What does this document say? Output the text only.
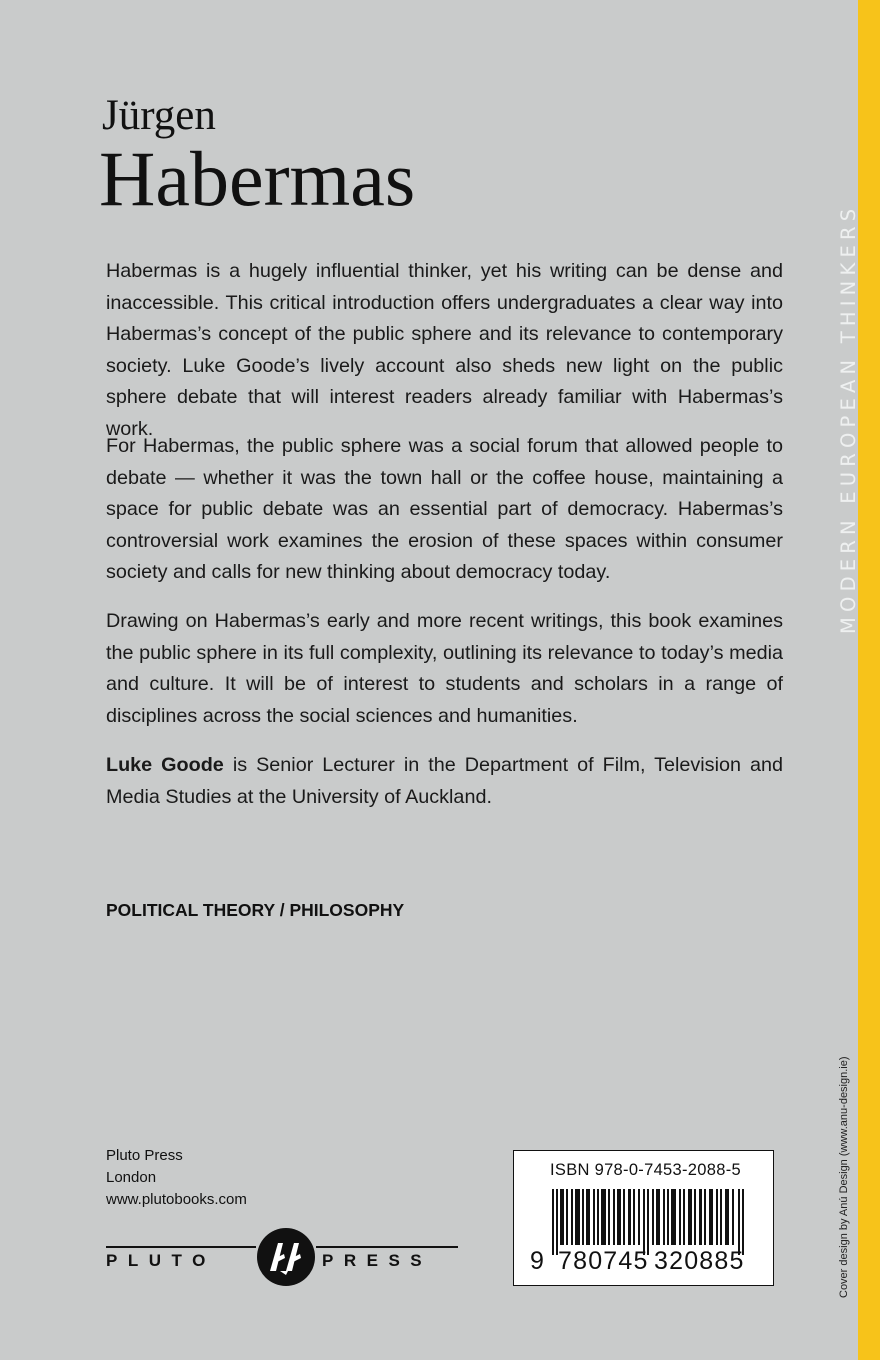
MODERN EUROPEAN THINKERS
Cover design by Anú Design (www.anu-design.ie)
Jürgen
Habermas

Habermas is a hugely influential thinker, yet his writing can be dense and inaccessible. This critical introduction offers undergraduates a clear way into Habermas’s concept of the public sphere and its relevance to contemporary society. Luke Goode’s lively account also sheds new light on the public sphere debate that will interest readers already familiar with Habermas’s work.

For Habermas, the public sphere was a social forum that allowed people to debate — whether it was the town hall or the coffee house, maintaining a space for public debate was an essential part of democracy. Habermas’s controversial work examines the erosion of these spaces within consumer society and calls for new thinking about democracy today.

Drawing on Habermas’s early and more recent writings, this book examines the public sphere in its full complexity, outlining its relevance to today’s media and culture. It will be of interest to students and scholars in a range of disciplines across the social sciences and humanities.

Luke Goode is Senior Lecturer in the Department of Film, Television and Media Studies at the University of Auckland.

POLITICAL THEORY / PHILOSOPHY
Pluto Press
London
www.plutobooks.com
PLUTO	PRESS
ISBN 978-0-7453-2088-5
9 780745 320885
